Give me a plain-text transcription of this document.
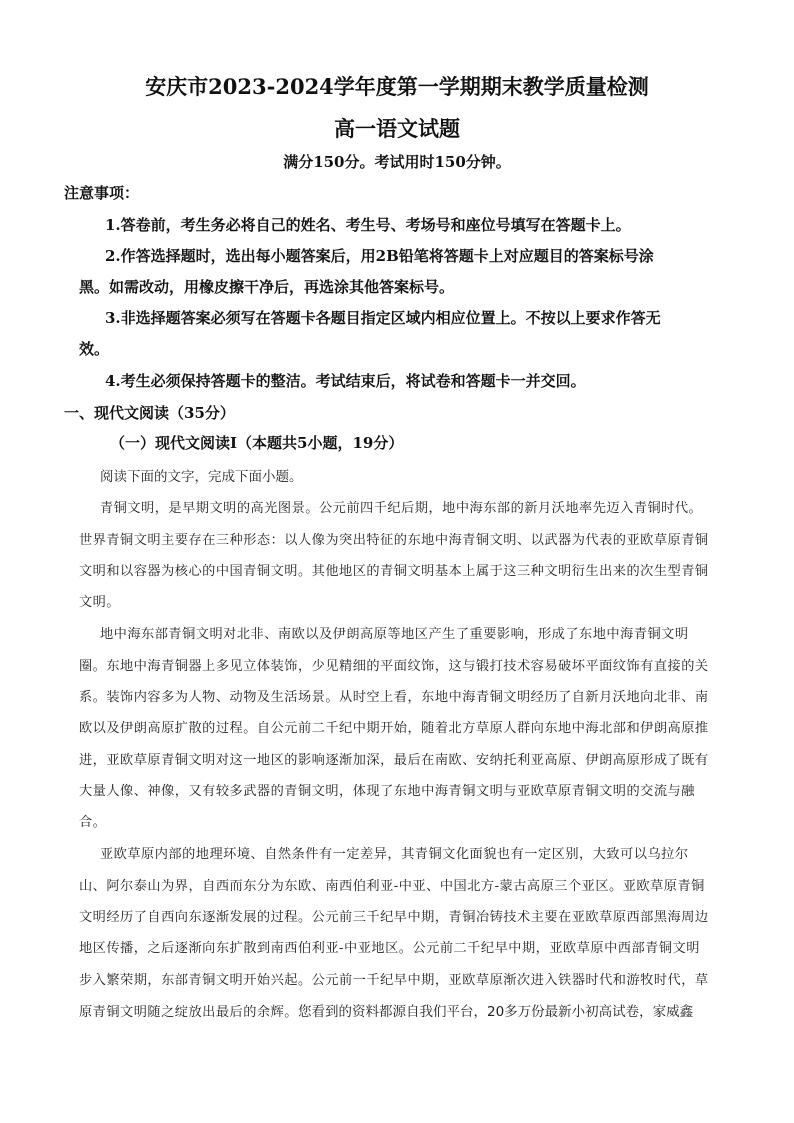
安庆市2023-2024学年度第一学期期末教学质量检测
高一语文试题
满分150分。考试用时150分钟。
注意事项：
1.答卷前，考生务必将自己的姓名、考生号、考场号和座位号填写在答题卡上。
2.作答选择题时，选出每小题答案后，用2B铅笔将答题卡上对应题目的答案标号涂
黑。如需改动，用橡皮擦干净后，再选涂其他答案标号。
3.非选择题答案必须写在答题卡各题目指定区域内相应位置上。不按以上要求作答无
效。
4.考生必须保持答题卡的整洁。考试结束后，将试卷和答题卡一并交回。
一、现代文阅读（35分）
（一）现代文阅读I（本题共5小题，19分）
阅读下面的文字，完成下面小题。
青铜文明，是早期文明的高光图景。公元前四千纪后期，地中海东部的新月沃地率先迈入青铜时代。
世界青铜文明主要存在三种形态：以人像为突出特征的东地中海青铜文明、以武器为代表的亚欧草原青铜
文明和以容器为核心的中国青铜文明。其他地区的青铜文明基本上属于这三种文明衍生出来的次生型青铜
文明。
地中海东部青铜文明对北非、南欧以及伊朗高原等地区产生了重要影响，形成了东地中海青铜文明
圈。东地中海青铜器上多见立体装饰，少见精细的平面纹饰，这与锻打技术容易破坏平面纹饰有直接的关
系。装饰内容多为人物、动物及生活场景。从时空上看，东地中海青铜文明经历了自新月沃地向北非、南
欧以及伊朗高原扩散的过程。自公元前二千纪中期开始，随着北方草原人群向东地中海北部和伊朗高原推
进，亚欧草原青铜文明对这一地区的影响逐渐加深，最后在南欧、安纳托利亚高原、伊朗高原形成了既有
大量人像、神像，又有较多武器的青铜文明，体现了东地中海青铜文明与亚欧草原青铜文明的交流与融
合。
亚欧草原内部的地理环境、自然条件有一定差异，其青铜文化面貌也有一定区别，大致可以乌拉尔
山、阿尔泰山为界，自西而东分为东欧、南西伯利亚-中亚、中国北方-蒙古高原三个亚区。亚欧草原青铜
文明经历了自西向东逐渐发展的过程。公元前三千纪早中期，青铜冶铸技术主要在亚欧草原西部黑海周边
地区传播，之后逐渐向东扩散到南西伯利亚-中亚地区。公元前二千纪早中期，亚欧草原中西部青铜文明
步入繁荣期，东部青铜文明开始兴起。公元前一千纪早中期，亚欧草原渐次进入铁器时代和游牧时代，草
原青铜文明随之绽放出最后的余辉。您看到的资料都源自我们平台，20多万份最新小初高试卷，家威鑫
